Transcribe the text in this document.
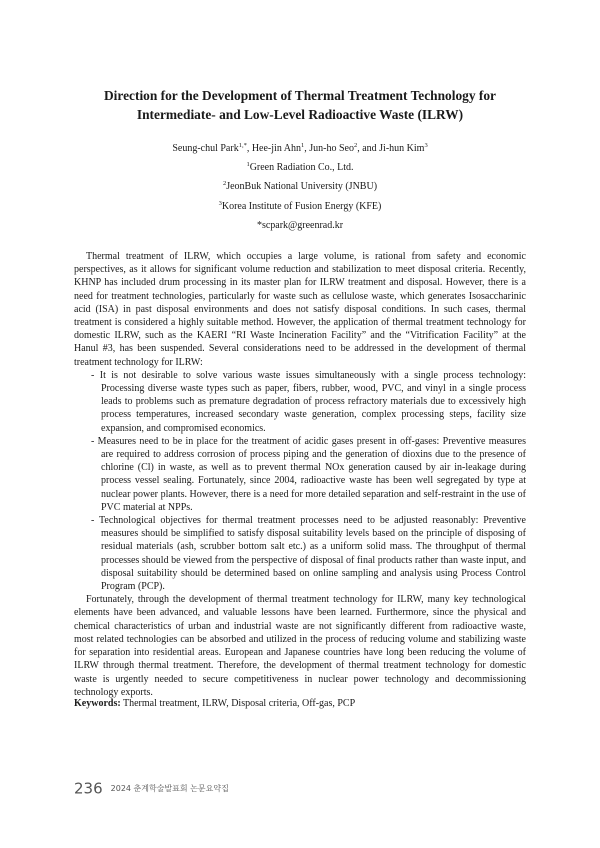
Direction for the Development of Thermal Treatment Technology for
Intermediate- and Low-Level Radioactive Waste (ILRW)
Seung-chul Park$^{1,*}$, Hee-jin Ahn$^1$, Jun-ho Seo$^2$, and Ji-hun Kim$^3$
$^1$Green Radiation Co., Ltd.
$^2$JeonBuk National University (JNBU)
$^3$Korea Institute of Fusion Energy (KFE)
*scpark@greenrad.kr

Thermal treatment of ILRW, which occupies a large volume, is rational from safety and economic perspectives, as it allows for significant volume reduction and stabilization to meet disposal criteria. Recently, KHNP has included drum processing in its master plan for ILRW treatment and disposal. However, there is a need for treatment technologies, particularly for waste such as cellulose waste, which generates Isosaccharinic acid (ISA) in past disposal environments and does not satisfy disposal conditions. In such cases, thermal treatment is considered a highly suitable method. However, the application of thermal treatment technology for domestic ILRW, such as the KAERI “RI Waste Incineration Facility” and the “Vitrification Facility” at the Hanul #3, has been suspended. Several considerations need to be addressed in the development of thermal treatment technology for ILRW:

- It is not desirable to solve various waste issues simultaneously with a single process technology: Processing diverse waste types such as paper, fibers, rubber, wood, PVC, and vinyl in a single process leads to problems such as premature degradation of process refractory materials due to excessively high process temperatures, increased secondary waste generation, complex processing steps, facility size expansion, and compromised economics.
- Measures need to be in place for the treatment of acidic gases present in off-gases: Preventive measures are required to address corrosion of process piping and the generation of dioxins due to the presence of chlorine (Cl) in waste, as well as to prevent thermal NOx generation caused by air in-leakage during process vessel sealing. Fortunately, since 2004, radioactive waste has been well segregated by type at nuclear power plants. However, there is a need for more detailed separation and self-restraint in the use of PVC material at NPPs.
- Technological objectives for thermal treatment processes need to be adjusted reasonably: Preventive measures should be simplified to satisfy disposal suitability levels based on the principle of disposing of residual materials (ash, scrubber bottom salt etc.) as a uniform solid mass. The throughput of thermal processes should be viewed from the perspective of disposal of final products rather than waste input, and disposal suitability should be determined based on online sampling and analysis using Process Control Program (PCP).

Fortunately, through the development of thermal treatment technology for ILRW, many key technological elements have been advanced, and valuable lessons have been learned. Furthermore, since the physical and chemical characteristics of urban and industrial waste are not significantly different from radioactive waste, most related technologies can be absorbed and utilized in the process of reducing volume and stabilizing waste for separation into residential areas. European and Japanese countries have long been reducing the volume of ILRW through thermal treatment. Therefore, the development of thermal treatment technology for domestic waste is urgently needed to secure competitiveness in nuclear power technology and decommissioning technology exports.

Keywords: Thermal treatment, ILRW, Disposal criteria, Off-gas, PCP
236 2024 춘계학술발표회 논문요약집
